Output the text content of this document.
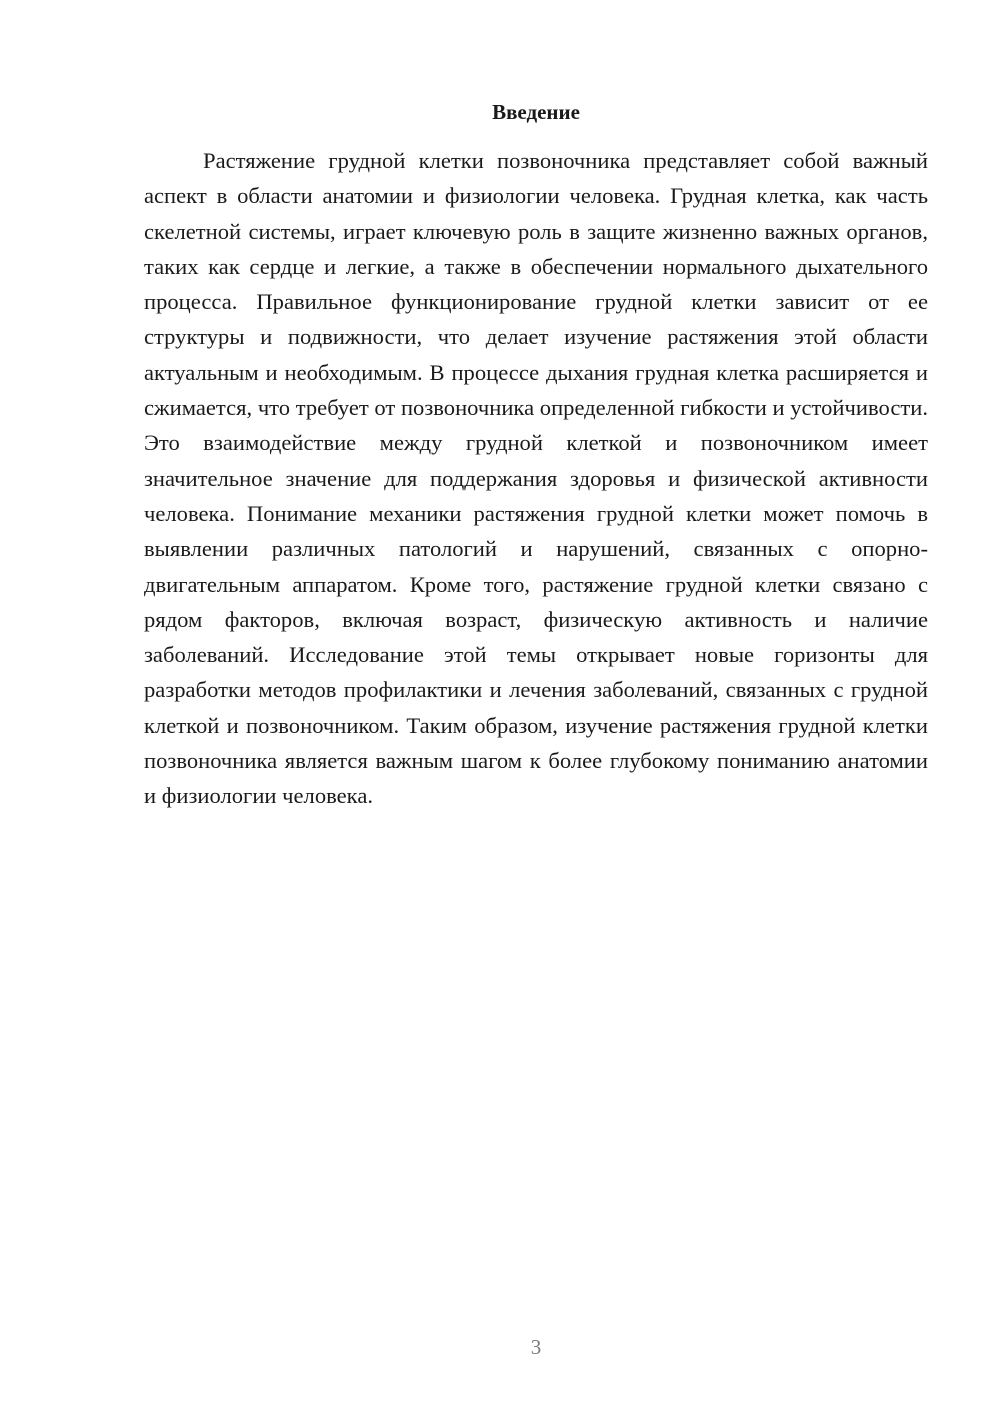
Введение

Растяжение грудной клетки позвоночника представляет собой важный аспект в области анатомии и физиологии человека. Грудная клетка, как часть скелетной системы, играет ключевую роль в защите жизненно важных органов, таких как сердце и легкие, а также в обеспечении нормального дыхательного процесса. Правильное функционирование грудной клетки зависит от ее структуры и подвижности, что делает изучение растяжения этой области актуальным и необходимым. В процессе дыхания грудная клетка расширяется и сжимается, что требует от позвоночника определенной гибкости и устойчивости. Это взаимодействие между грудной клеткой и позвоночником имеет значительное значение для поддержания здоровья и физической активности человека. Понимание механики растяжения грудной клетки может помочь в выявлении различных патологий и нарушений, связанных с опорно-двигательным аппаратом. Кроме того, растяжение грудной клетки связано с рядом факторов, включая возраст, физическую активность и наличие заболеваний. Исследование этой темы открывает новые горизонты для разработки методов профилактики и лечения заболеваний, связанных с грудной клеткой и позвоночником. Таким образом, изучение растяжения грудной клетки позвоночника является важным шагом к более глубокому пониманию анатомии и физиологии человека.

3
